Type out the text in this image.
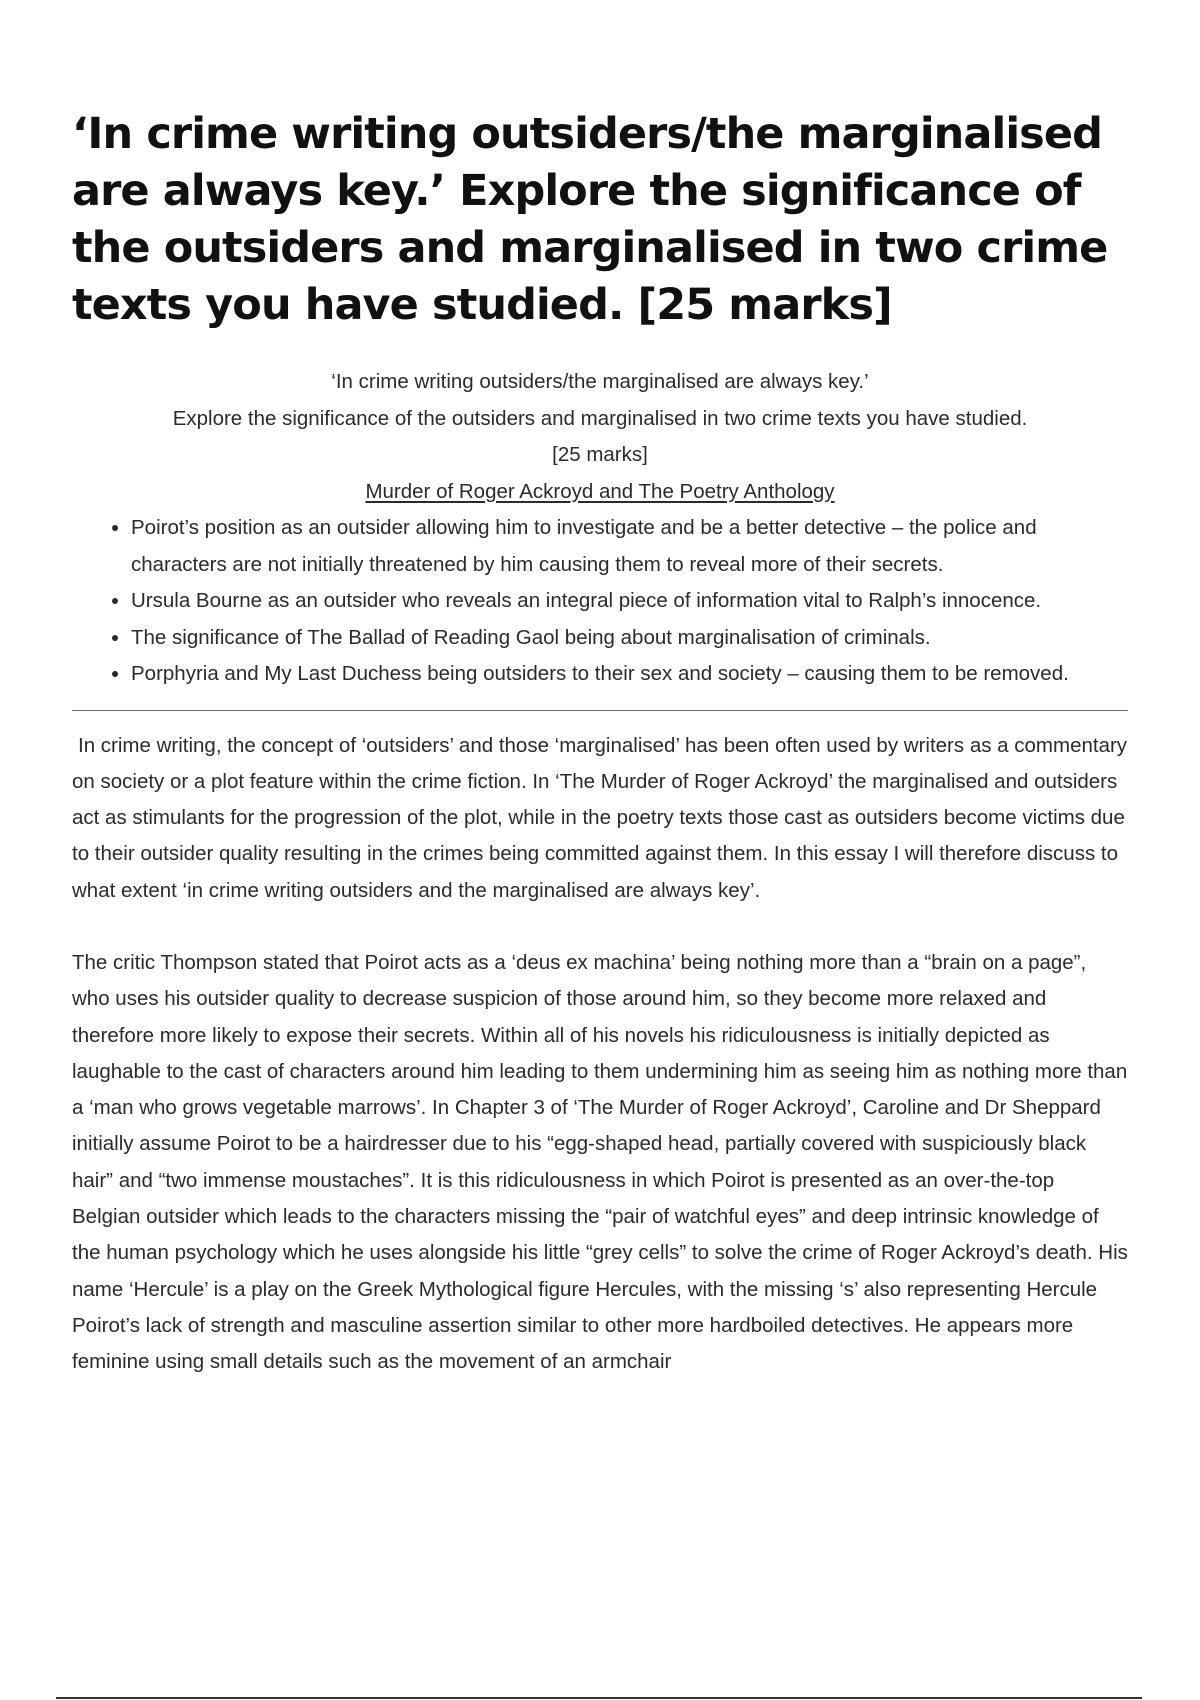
‘In crime writing outsiders/the marginalised are always key.’ Explore the significance of the outsiders and marginalised in two crime texts you have studied. [25 marks]
‘In crime writing outsiders/the marginalised are always key.’
Explore the significance of the outsiders and marginalised in two crime texts you have studied.
[25 marks]
Murder of Roger Ackroyd and The Poetry Anthology
• Poirot’s position as an outsider allowing him to investigate and be a better detective – the police and characters are not initially threatened by him causing them to reveal more of their secrets.
• Ursula Bourne as an outsider who reveals an integral piece of information vital to Ralph’s innocence.
• The significance of The Ballad of Reading Gaol being about marginalisation of criminals.
• Porphyria and My Last Duchess being outsiders to their sex and society – causing them to be removed.

In crime writing, the concept of ‘outsiders’ and those ‘marginalised’ has been often used by writers as a commentary on society or a plot feature within the crime fiction. In ‘The Murder of Roger Ackroyd’ the marginalised and outsiders act as stimulants for the progression of the plot, while in the poetry texts those cast as outsiders become victims due to their outsider quality resulting in the crimes being committed against them. In this essay I will therefore discuss to what extent ‘in crime writing outsiders and the marginalised are always key’.

The critic Thompson stated that Poirot acts as a ‘deus ex machina’ being nothing more than a “brain on a page”, who uses his outsider quality to decrease suspicion of those around him, so they become more relaxed and therefore more likely to expose their secrets. Within all of his novels his ridiculousness is initially depicted as laughable to the cast of characters around him leading to them undermining him as seeing him as nothing more than a ‘man who grows vegetable marrows’. In Chapter 3 of ‘The Murder of Roger Ackroyd’, Caroline and Dr Sheppard initially assume Poirot to be a hairdresser due to his “egg-shaped head, partially covered with suspiciously black hair” and “two immense moustaches”. It is this ridiculousness in which Poirot is presented as an over-the-top Belgian outsider which leads to the characters missing the “pair of watchful eyes” and deep intrinsic knowledge of the human psychology which he uses alongside his little “grey cells” to solve the crime of Roger Ackroyd’s death. His name ‘Hercule’ is a play on the Greek Mythological figure Hercules, with the missing ‘s’ also representing Hercule Poirot’s lack of strength and masculine assertion similar to other more hardboiled detectives. He appears more feminine using small details such as the movement of an armchair
